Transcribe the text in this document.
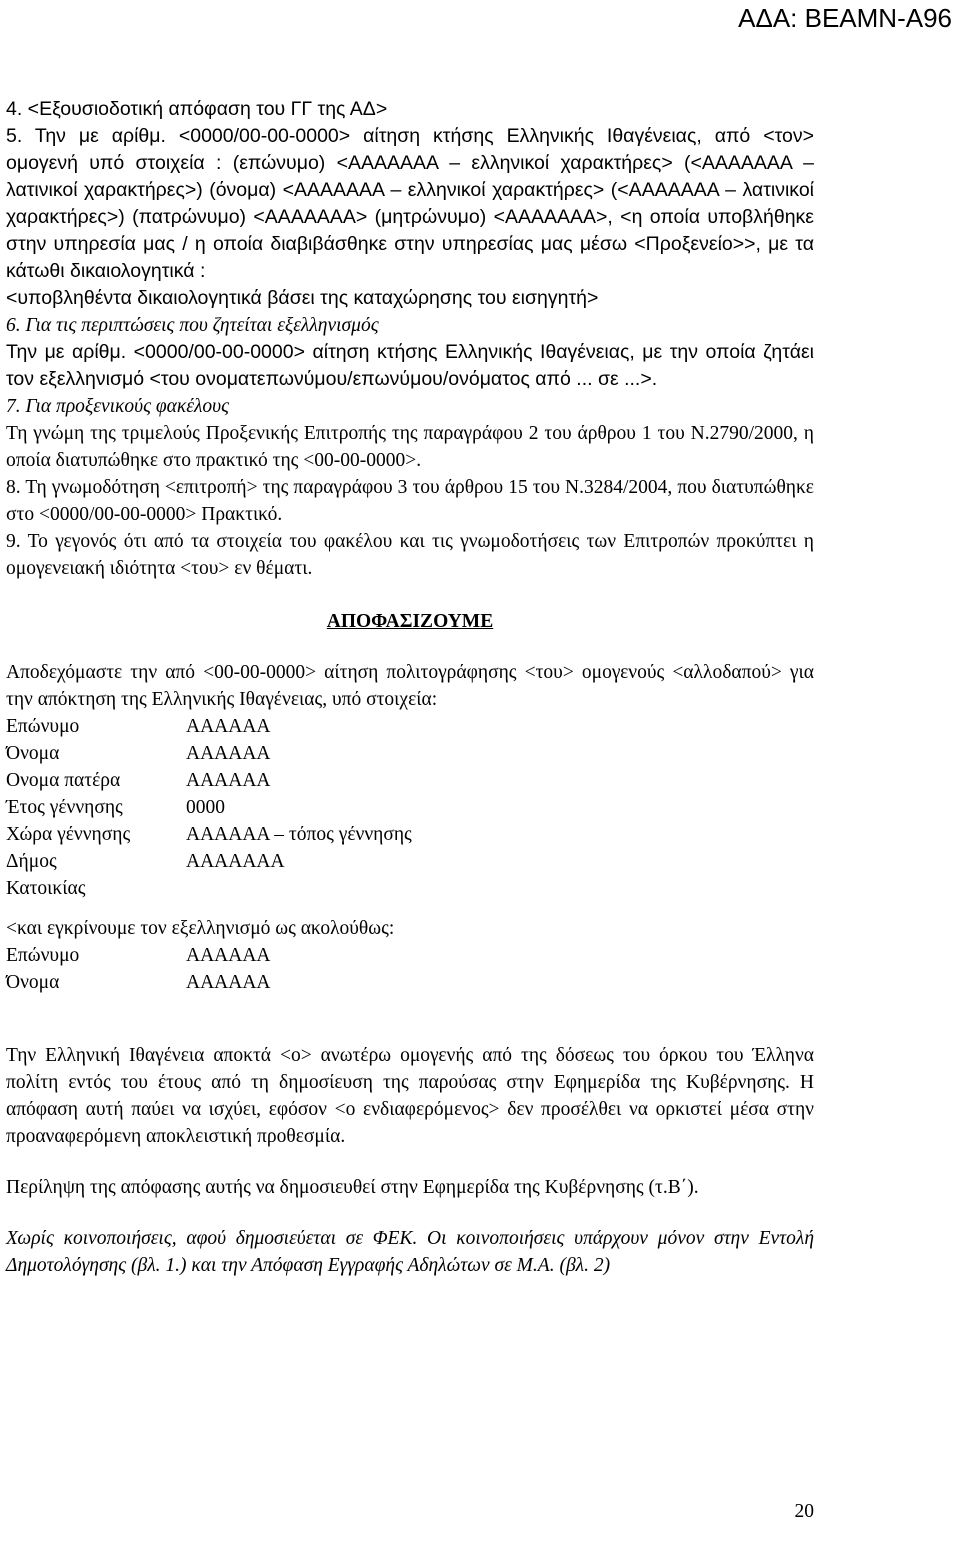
ΑΔΑ: ΒΕΑΜΝ-Α96

4. <Εξουσιοδοτική απόφαση του ΓΓ της ΑΔ>

5. Την με αρίθμ. <0000/00-00-0000> αίτηση κτήσης Ελληνικής Ιθαγένειας, από <τον> ομογενή υπό στοιχεία : (επώνυμο) <ΑΑΑΑΑΑΑ – ελληνικοί χαρακτήρες> (<ΑΑΑΑΑΑΑ – λατινικοί χαρακτήρες>) (όνομα) <ΑΑΑΑΑΑΑ – ελληνικοί χαρακτήρες> (<ΑΑΑΑΑΑΑ – λατινικοί χαρακτήρες>) (πατρώνυμο) <ΑΑΑΑΑΑΑ> (μητρώνυμο) <ΑΑΑΑΑΑΑ>, <η οποία υποβλήθηκε στην υπηρεσία μας / η οποία διαβιβάσθηκε στην υπηρεσίας μας μέσω <Προξενείο>>, με τα κάτωθι δικαιολογητικά :

<υποβληθέντα δικαιολογητικά βάσει της καταχώρησης του εισηγητή>

6. Για τις περιπτώσεις που ζητείται εξελληνισμός

Την με αρίθμ. <0000/00-00-0000> αίτηση κτήσης Ελληνικής Ιθαγένειας, με την οποία ζητάει τον εξελληνισμό <του ονοματεπωνύμου/επωνύμου/ονόματος από ... σε ...>.

7. Για προξενικούς φακέλους

Τη γνώμη της τριμελούς Προξενικής Επιτροπής της παραγράφου 2 του άρθρου 1 του Ν.2790/2000, η οποία διατυπώθηκε στο πρακτικό της <00-00-0000>.

8. Τη γνωμοδότηση <επιτροπή> της παραγράφου 3 του άρθρου 15 του Ν.3284/2004, που διατυπώθηκε στο <0000/00-00-0000> Πρακτικό.

9. Το γεγονός ότι από τα στοιχεία του φακέλου και τις γνωμοδοτήσεις των Επιτροπών προκύπτει η ομογενειακή ιδιότητα <του> εν θέματι.

ΑΠΟΦΑΣΙΖΟΥΜΕ

Αποδεχόμαστε την από <00-00-0000> αίτηση πολιτογράφησης <του> ομογενούς <αλλοδαπού> για την απόκτηση της Ελληνικής Ιθαγένειας, υπό στοιχεία:

Επώνυμο	ΑΑΑΑΑΑ
Όνομα	ΑΑΑΑΑΑ
Ονομα πατέρα	ΑΑΑΑΑΑ
Έτος γέννησης	0000
Χώρα γέννησης	ΑΑΑΑΑΑ – τόπος γέννησης
Δήμος	ΑΑΑΑΑΑΑ
Κατοικίας	

<και εγκρίνουμε τον εξελληνισμό ως ακολούθως:

Επώνυμο	ΑΑΑΑΑΑ
Όνομα	ΑΑΑΑΑΑ

Την Ελληνική Ιθαγένεια αποκτά <ο> ανωτέρω ομογενής από της δόσεως του όρκου του Έλληνα πολίτη εντός του έτους από τη δημοσίευση της παρούσας στην Εφημερίδα της Κυβέρνησης. Η απόφαση αυτή παύει να ισχύει, εφόσον <ο ενδιαφερόμενος> δεν προσέλθει να ορκιστεί μέσα στην προαναφερόμενη αποκλειστική προθεσμία.

Περίληψη της απόφασης αυτής να δημοσιευθεί στην Εφημερίδα της Κυβέρνησης (τ.Β΄).

Χωρίς κοινοποιήσεις, αφού δημοσιεύεται σε ΦΕΚ. Οι κοινοποιήσεις υπάρχουν μόνον στην Εντολή Δημοτολόγησης (βλ. 1.) και την Απόφαση Εγγραφής Αδηλώτων σε Μ.Α. (βλ. 2)

20
